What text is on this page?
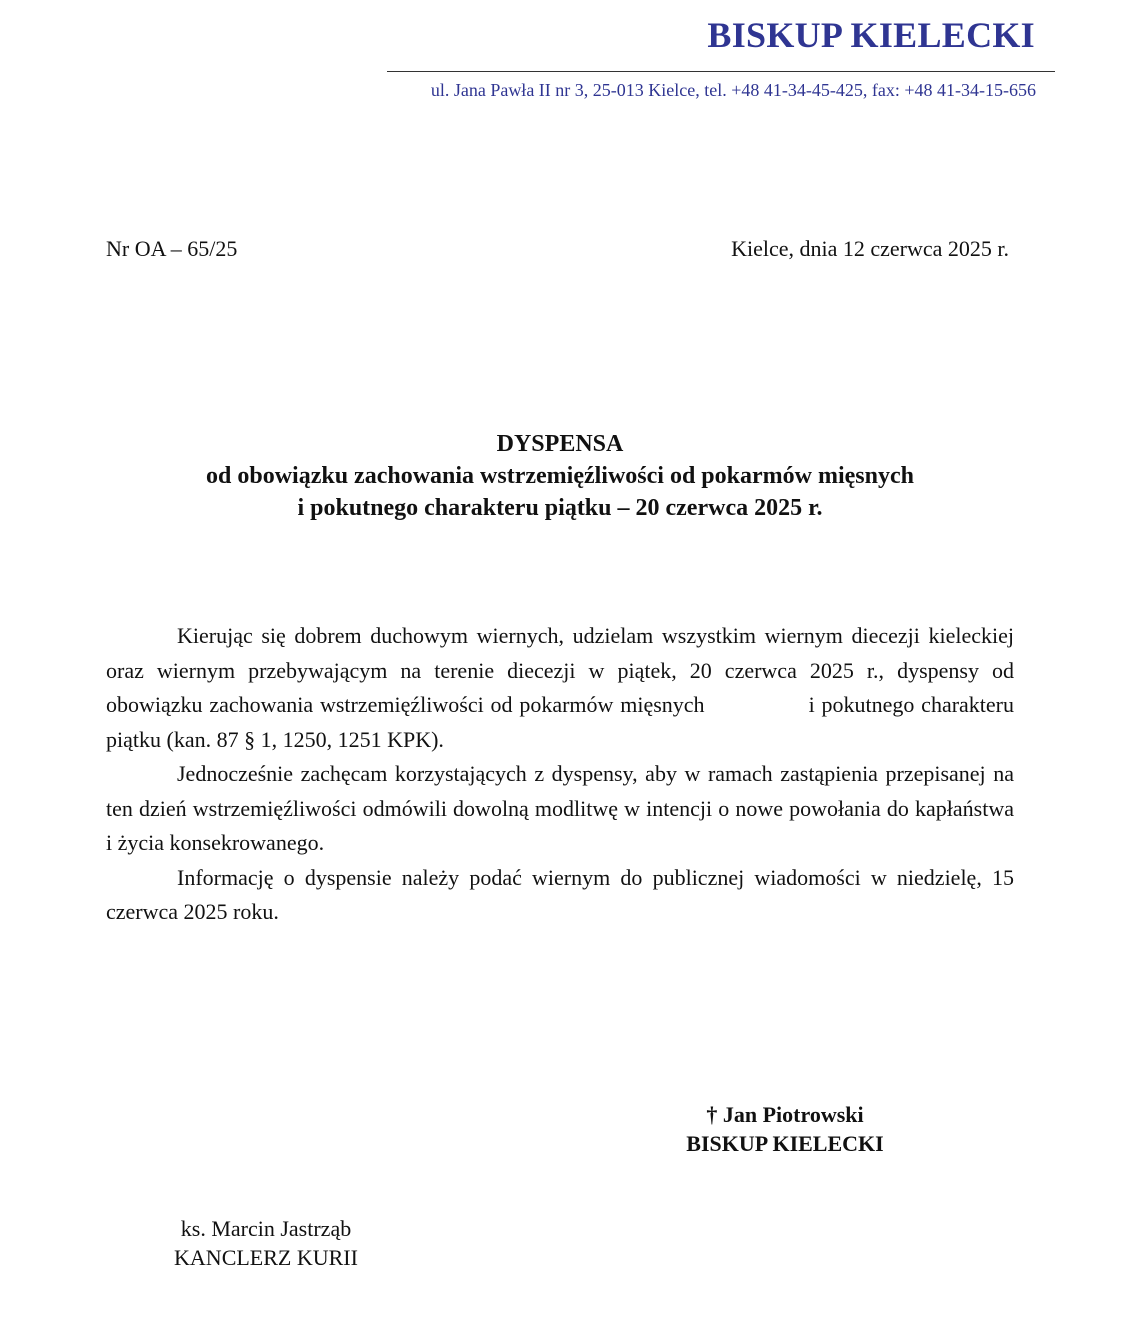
BISKUP KIELECKI
ul. Jana Pawła II nr 3, 25-013 Kielce, tel. +48 41-34-45-425, fax: +48 41-34-15-656
Nr OA – 65/25	Kielce, dnia 12 czerwca 2025 r.
DYSPENSA
od obowiązku zachowania wstrzemięźliwości od pokarmów mięsnych
i pokutnego charakteru piątku – 20 czerwca 2025 r.

Kierując się dobrem duchowym wiernych, udzielam wszystkim wiernym diecezji kieleckiej oraz wiernym przebywającym na terenie diecezji w piątek, 20 czerwca 2025 r., dyspensy od obowiązku zachowania wstrzemięźliwości od pokarmów mięsnych	i pokutnego charakteru piątku (kan. 87 § 1, 1250, 1251 KPK).

Jednocześnie zachęcam korzystających z dyspensy, aby w ramach zastąpienia przepisanej na ten dzień wstrzemięźliwości odmówili dowolną modlitwę w intencji o nowe powołania do kapłaństwa i życia konsekrowanego.

Informację o dyspensie należy podać wiernym do publicznej wiadomości w niedzielę, 15 czerwca 2025 roku.

† Jan Piotrowski
BISKUP KIELECKI
ks. Marcin Jastrząb
KANCLERZ KURII
